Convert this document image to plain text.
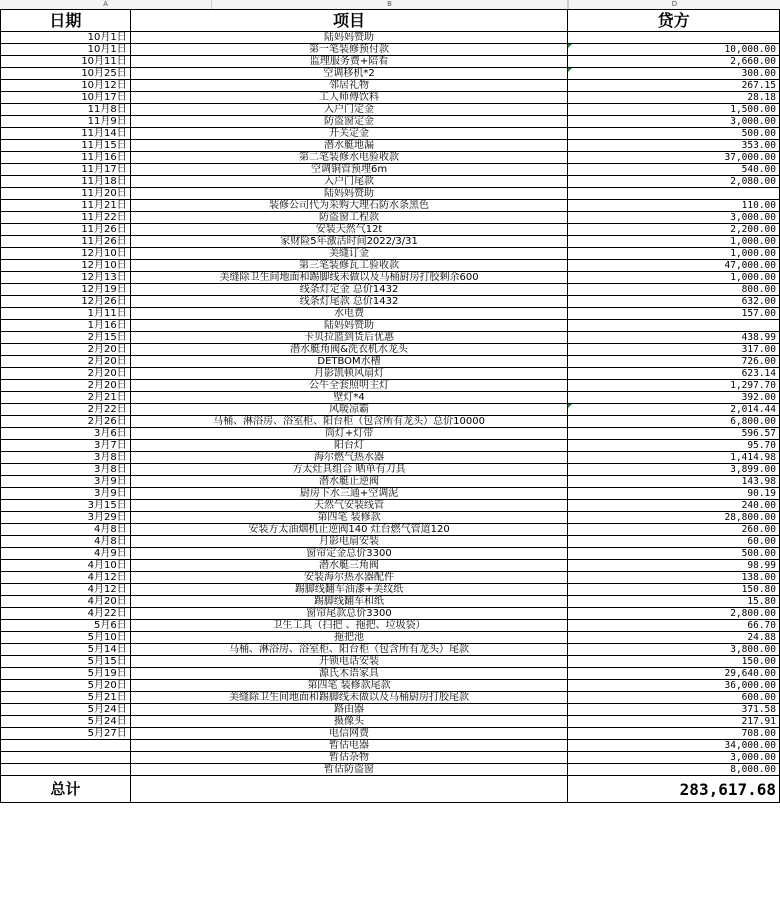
A	B	D
日期	项目	贷方
10月1日	陆妈妈赞助	
10月1日	第一笔装修预付款	10,000.00
10月11日	监理服务费+陪看	2,660.00
10月25日	空调移机*2	300.00
10月12日	邻居礼物	267.15
10月17日	工人师傅饮料	28.18
11月8日	入户门定金	1,500.00
11月9日	防盗窗定金	3,000.00
11月14日	开关定金	500.00
11月15日	潜水艇地漏	353.00
11月16日	第二笔装修水电验收款	37,000.00
11月17日	空调铜管预埋6m	540.00
11月18日	入户门尾款	2,080.00
11月20日	陆妈妈赞助	
11月21日	装修公司代为采购大理石防水条黑色	110.00
11月22日	防盗窗工程款	3,000.00
11月26日	安装天然气12t	2,200.00
11月26日	家财险5年激活时间2022/3/31	1,000.00
12月10日	美缝订金	1,000.00
12月10日	第三笔装修瓦工验收款	47,000.00
12月13日	美缝除卫生间地面和踢脚线未做以及马桶厨房打胶剩余600	1,000.00
12月19日	线条灯定金 总价1432	800.00
12月26日	线条灯尾款 总价1432	632.00
1月11日	水电费	157.00
1月16日	陆妈妈赞助	
2月15日	卡贝拉篮到货后优惠	438.99
2月20日	潜水艇角阀&洗衣机水龙头	317.00
2月20日	DETBOM水槽	726.00
2月20日	月影凯顿风扇灯	623.14
2月20日	公牛全套照明主灯	1,297.70
2月21日	壁灯*4	392.00
2月22日	风暖凉霸	2,014.44
2月26日	马桶、淋浴房、浴室柜、阳台柜（包含所有龙头）总价10000	6,800.00
3月6日	筒灯+灯带	596.57
3月7日	阳台灯	95.70
3月8日	海尔燃气热水器	1,414.98
3月8日	方太灶具组合 晒单有刀具	3,899.00
3月9日	潜水艇止逆阀	143.98
3月9日	厨房下水三通+空调泥	90.19
3月15日	天然气安装线管	240.00
3月29日	第四笔 装修款	28,800.00
4月8日	安装方太油烟机止逆阀140 灶台燃气管道120	260.00
4月8日	月影电扇安装	60.00
4月9日	窗帘定金总价3300	500.00
4月10日	潜水艇三角阀	98.99
4月12日	安装海尔热水器配件	138.00
4月12日	踢脚线翻车油漆+美纹纸	150.80
4月20日	踢脚线翻车和纸	15.80
4月22日	窗帘尾款总价3300	2,800.00
5月6日	卫生工具（扫把 、拖把、垃圾袋）	66.70
5月10日	拖把池	24.88
5月14日	马桶、淋浴房、浴室柜、阳台柜（包含所有龙头）尾款	3,800.00
5月15日	开锁电话安装	150.00
5月19日	源氏木语家具	29,640.00
5月20日	第四笔 装修款尾款	36,000.00
5月21日	美缝除卫生间地面和踢脚线未做以及马桶厨房打胶尾款	600.00
5月24日	路由器	371.58
5月24日	摄像头	217.91
5月27日	电信网费	708.00
	暂估电器	34,000.00
	暂估杂物	3,000.00
	暂估防盗窗	8,000.00
总计		283,617.68
